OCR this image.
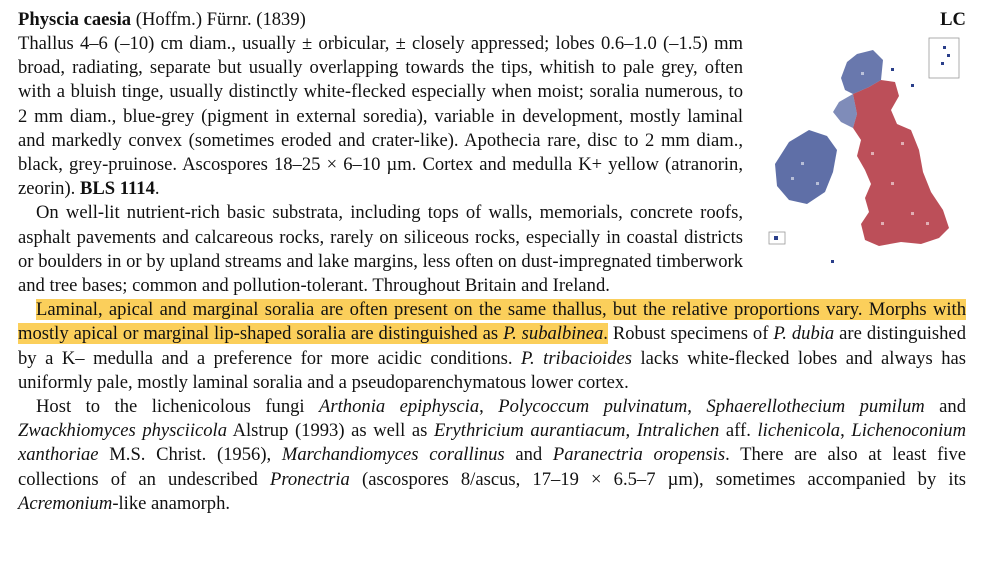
Physcia caesia (Hoffm.) Fürnr. (1839)	LC

Thallus 4–6 (–10) cm diam., usually ± orbicular, ± closely appressed; lobes 0.6–1.0 (–1.5) mm broad, radiating, separate but usually overlapping towards the tips, whitish to pale grey, often with a bluish tinge, usually distinctly white-flecked especially when moist; soralia numerous, to 2 mm diam., blue-grey (pigment in external soredia), variable in development, mostly laminal and markedly convex (sometimes eroded and crater-like). Apothecia rare, disc to 2 mm diam., black, grey-pruinose. Ascospores 18–25 × 6–10 µm. Cortex and medulla K+ yellow (atranorin, zeorin). BLS 1114.

On well-lit nutrient-rich basic substrata, including tops of walls, memorials, concrete roofs, asphalt pavements and calcareous rocks, rarely on siliceous rocks, especially in coastal districts or boulders in or by upland streams and lake margins, less often on dust-impregnated timberwork and tree bases; common and pollution-tolerant. Throughout Britain and Ireland.

Laminal, apical and marginal soralia are often present on the same thallus, but the relative proportions vary. Morphs with mostly apical or marginal lip-shaped soralia are distinguished as P. subalbinea. Robust specimens of P. dubia are distinguished by a K– medulla and a preference for more acidic conditions. P. tribacioides lacks white-flecked lobes and always has uniformly pale, mostly laminal soralia and a pseudoparenchymatous lower cortex.

Host to the lichenicolous fungi Arthonia epiphyscia, Polycoccum pulvinatum, Sphaerellothecium pumilum and Zwackhiomyces physciicola Alstrup (1993) as well as Erythricium aurantiacum, Intralichen aff. lichenicola, Lichenoconium xanthoriae M.S. Christ. (1956), Marchandiomyces corallinus and Paranectria oropensis. There are also at least five collections of an undescribed Pronectria (ascospores 8/ascus, 17–19 × 6.5–7 µm), sometimes accompanied by its Acremonium-like anamorph.
